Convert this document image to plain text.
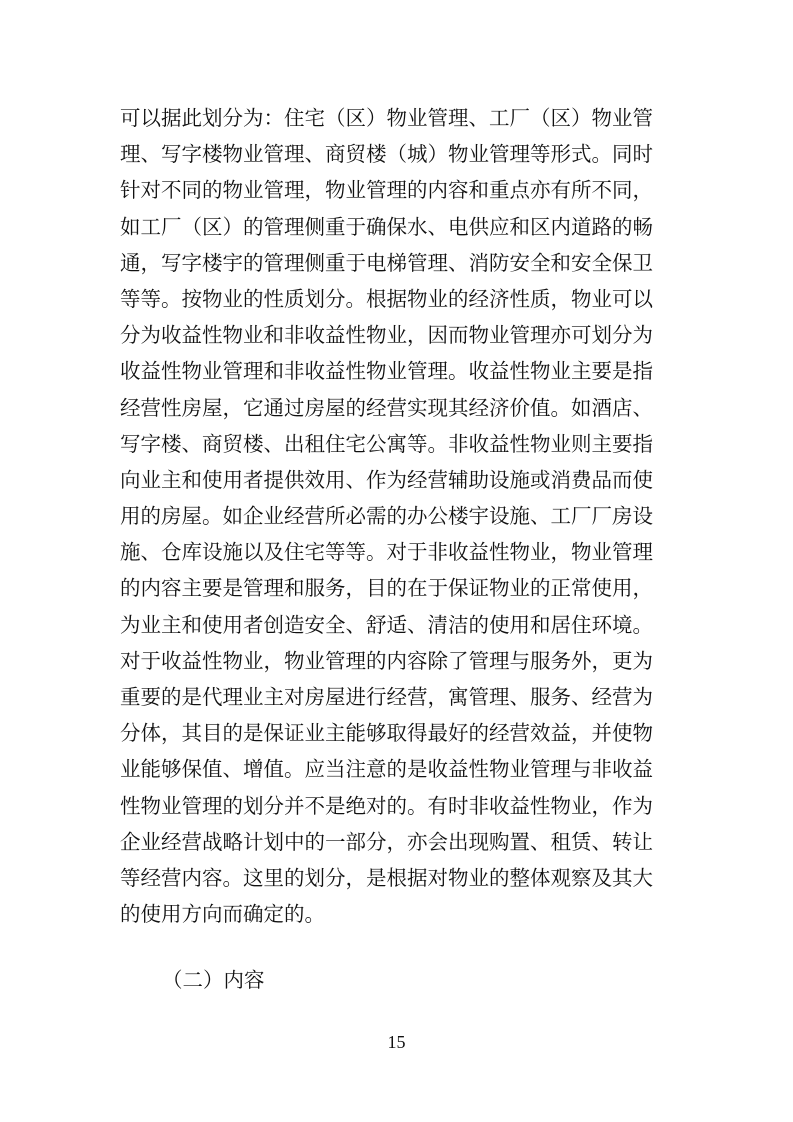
可以据此划分为：住宅（区）物业管理、工厂（区）物业管
理、写字楼物业管理、商贸楼（城）物业管理等形式。同时
针对不同的物业管理，物业管理的内容和重点亦有所不同，
如工厂（区）的管理侧重于确保水、电供应和区内道路的畅
通，写字楼宇的管理侧重于电梯管理、消防安全和安全保卫
等等。按物业的性质划分。根据物业的经济性质，物业可以
分为收益性物业和非收益性物业，因而物业管理亦可划分为
收益性物业管理和非收益性物业管理。收益性物业主要是指
经营性房屋，它通过房屋的经营实现其经济价值。如酒店、
写字楼、商贸楼、出租住宅公寓等。非收益性物业则主要指
向业主和使用者提供效用、作为经营辅助设施或消费品而使
用的房屋。如企业经营所必需的办公楼宇设施、工厂厂房设
施、仓库设施以及住宅等等。对于非收益性物业，物业管理
的内容主要是管理和服务，目的在于保证物业的正常使用，
为业主和使用者创造安全、舒适、清洁的使用和居住环境。
对于收益性物业，物业管理的内容除了管理与服务外，更为
重要的是代理业主对房屋进行经营，寓管理、服务、经营为
分体，其目的是保证业主能够取得最好的经营效益，并使物
业能够保值、增值。应当注意的是收益性物业管理与非收益
性物业管理的划分并不是绝对的。有时非收益性物业，作为
企业经营战略计划中的一部分，亦会出现购置、租赁、转让
等经营内容。这里的划分，是根据对物业的整体观察及其大
的使用方向而确定的。
（二）内容
15
